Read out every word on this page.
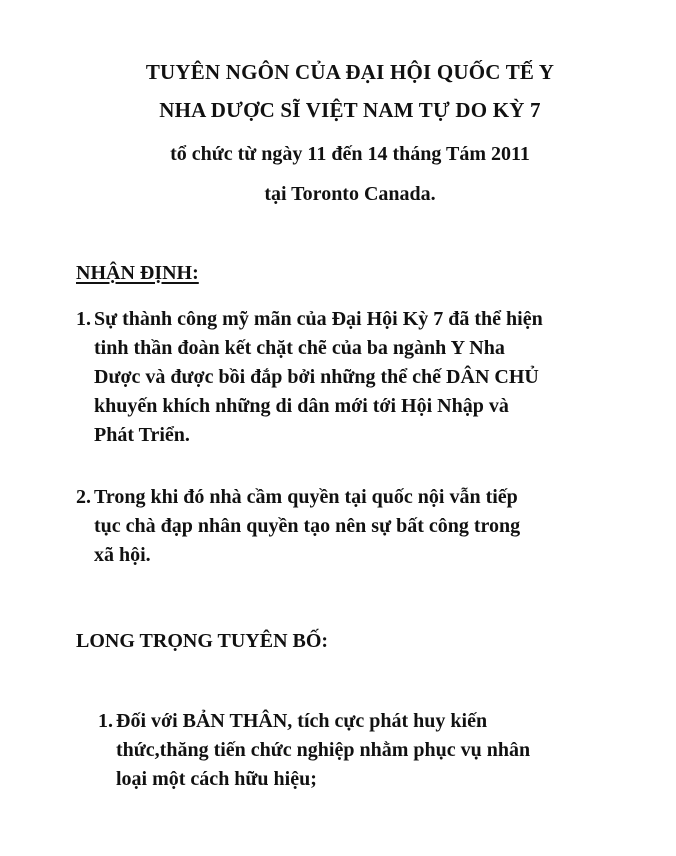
TUYÊN NGÔN CỦA ĐẠI HỘI QUỐC TẾ Y
NHA DƯỢC SĨ VIỆT NAM TỰ DO KỲ 7
tổ chức từ ngày 11 đến 14 tháng Tám 2011
tại Toronto Canada.
NHẬN ĐỊNH:
1. Sự thành công mỹ mãn của Đại Hội Kỳ 7 đã thể hiện
tinh thần đoàn kết chặt chẽ của ba ngành Y Nha
Dược và được bồi đắp bởi những thể chế DÂN CHỦ
khuyến khích những di dân mới tới Hội Nhập và
Phát Triển.
2. Trong khi đó nhà cầm quyền tại quốc nội vẫn tiếp
tục chà đạp nhân quyền tạo nên sự bất công trong
xã hội.
LONG TRỌNG TUYÊN BỐ:
1. Đối với BẢN THÂN, tích cực phát huy kiến
thức,thăng tiến chức nghiệp nhằm phục vụ nhân
loại một cách hữu hiệu;
